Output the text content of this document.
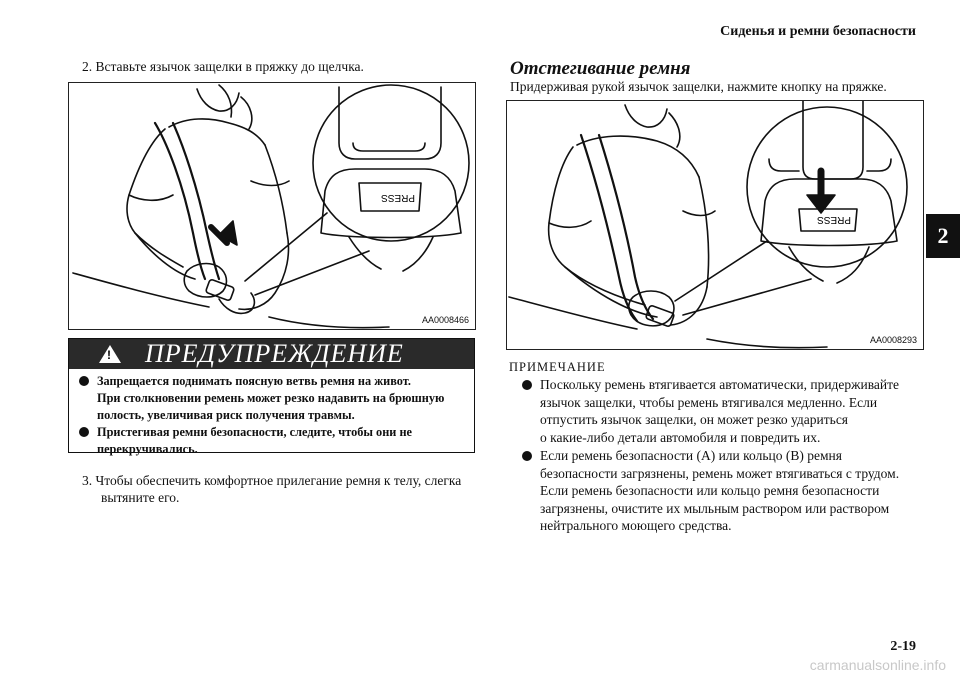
Сиденья и ремни безопасности
2
2. Вставьте язычок защелки в пряжку до щелчка.
PRESS
AA0008466
! ПРЕДУПРЕЖДЕНИЕ
Запрещается поднимать поясную ветвь ремня на живот.
При столкновении ремень может резко надавить на брюшную
полость, увеличивая риск получения травмы.
Пристегивая ремни безопасности, следите, чтобы они не
перекручивались.
3. Чтобы обеспечить комфортное прилегание ремня к телу, слегка
вытяните его.
Отстегивание ремня
Придерживая рукой язычок защелки, нажмите кнопку на пряжке.
PRESS
AA0008293
ПРИМЕЧАНИЕ
Поскольку ремень втягивается автоматически, придерживайте
язычок защелки, чтобы ремень втягивался медленно. Если
отпустить язычок защелки, он может резко удариться
о какие-либо детали автомобиля и повредить их.
Если ремень безопасности (A) или кольцо (B) ремня
безопасности загрязнены, ремень может втягиваться с трудом.
Если ремень безопасности или кольцо ремня безопасности
загрязнены, очистите их мыльным раствором или раствором
нейтрального моющего средства.
2-19
carmanualsonline.info
